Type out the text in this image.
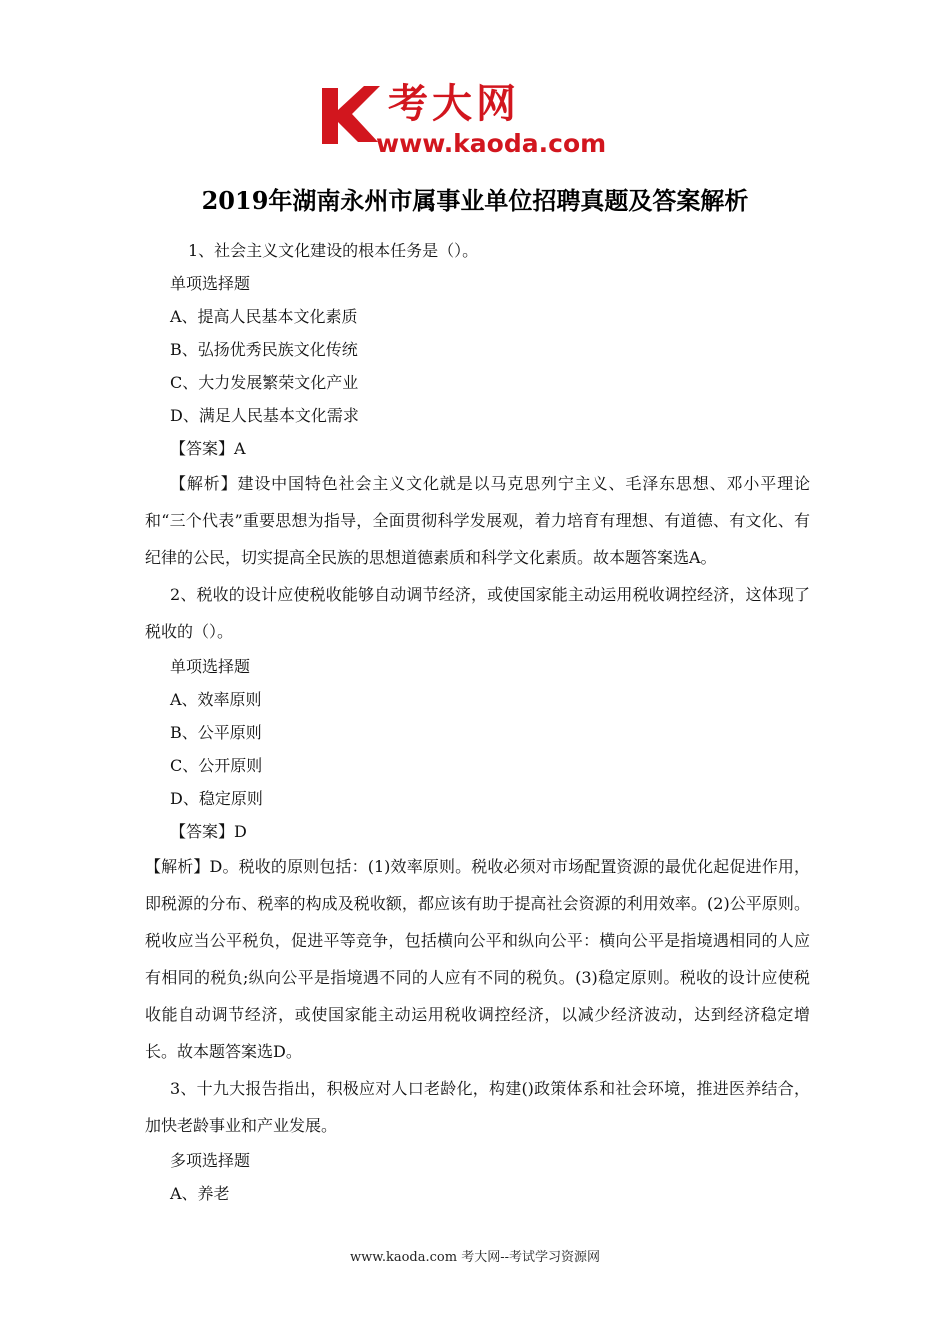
考大网
www.kaoda.com
2019年湖南永州市属事业单位招聘真题及答案解析
1、社会主义文化建设的根本任务是（）。
单项选择题
A、提高人民基本文化素质
B、弘扬优秀民族文化传统
C、大力发展繁荣文化产业
D、满足人民基本文化需求
【答案】A

【解析】建设中国特色社会主义文化就是以马克思列宁主义、毛泽东思想、邓小平理论和“三个代表”重要思想为指导，全面贯彻科学发展观，着力培育有理想、有道德、有文化、有纪律的公民，切实提高全民族的思想道德素质和科学文化素质。故本题答案选A。

2、税收的设计应使税收能够自动调节经济，或使国家能主动运用税收调控经济，这体现了税收的（）。

单项选择题
A、效率原则
B、公平原则
C、公开原则
D、稳定原则
【答案】D

【解析】D。税收的原则包括：(1)效率原则。税收必须对市场配置资源的最优化起促进作用，即税源的分布、税率的构成及税收额，都应该有助于提高社会资源的利用效率。(2)公平原则。税收应当公平税负，促进平等竞争，包括横向公平和纵向公平：横向公平是指境遇相同的人应有相同的税负;纵向公平是指境遇不同的人应有不同的税负。(3)稳定原则。税收的设计应使税收能自动调节经济，或使国家能主动运用税收调控经济，以减少经济波动，达到经济稳定增长。故本题答案选D。

3、十九大报告指出，积极应对人口老龄化，构建()政策体系和社会环境，推进医养结合，加快老龄事业和产业发展。

多项选择题
A、养老
www.kaoda.com 考大网--考试学习资源网
